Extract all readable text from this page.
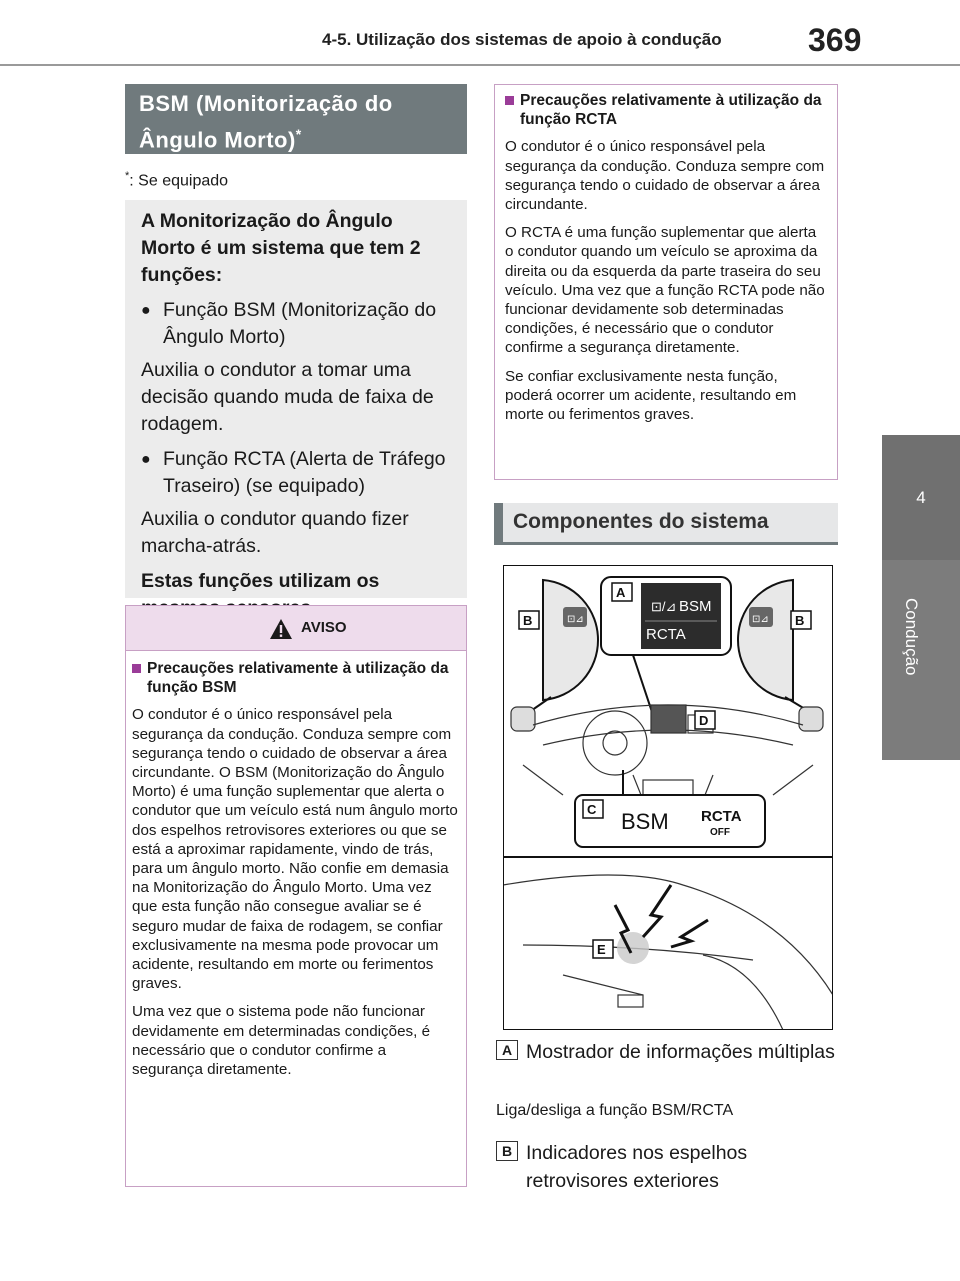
4-5. Utilização dos sistemas de apoio à condução	369
4
Condução
BSM (Monitorização do Ângulo Morto)*
*: Se equipado

A Monitorização do Ângulo Morto é um sistema que tem 2 funções:

● Função BSM (Monitorização do Ângulo Morto)

Auxilia o condutor a tomar uma decisão quando muda de faixa de rodagem.

● Função RCTA (Alerta de Tráfego Traseiro) (se equipado)

Auxilia o condutor quando fizer marcha-atrás.

Estas funções utilizam os

AVISO
Precauções relativamente à utilização da função BSM

O condutor é o único responsável pela segurança da condução. Conduza sempre com segurança tendo o cuidado de observar a área circundante. O BSM (Monitorização do Ângulo Morto) é uma função suplementar que alerta o condutor que um veículo está num ângulo morto dos espelhos retrovisores exteriores ou que se está a aproximar rapidamente, vindo de trás, para um ângulo morto. Não confie em demasia na Monitorização do Ângulo Morto. Uma vez que esta função não consegue avaliar se é seguro mudar de faixa de rodagem, se confiar exclusivamente na mesma pode provocar um acidente, resultando em morte ou ferimentos graves.

Uma vez que o sistema pode não funcionar devidamente em determinadas condições, é necessário que o condutor confirme a segurança diretamente.

Precauções relativamente à utilização da função RCTA

O condutor é o único responsável pela segurança da condução. Conduza sempre com segurança tendo o cuidado de observar a área circundante.

O RCTA é uma função suplementar que alerta o condutor quando um veículo se aproxima da direita ou da esquerda da parte traseira do seu veículo. Uma vez que a função RCTA pode não funcionar devidamente sob determinadas condições, é necessário que o condutor confirme a segurança diretamente.

Se confiar exclusivamente nesta função, poderá ocorrer um acidente, resultando em morte ou ferimentos graves.

Componentes do sistema
⊡⊿	⊡⊿
⊡/⊿ BSM
RCTA
BSM RCTA
OFF
A
B	B
D
C
E
A Mostrador de informações múltiplas
Liga/desliga a função BSM/RCTA
B Indicadores nos espelhos retrovisores exteriores
